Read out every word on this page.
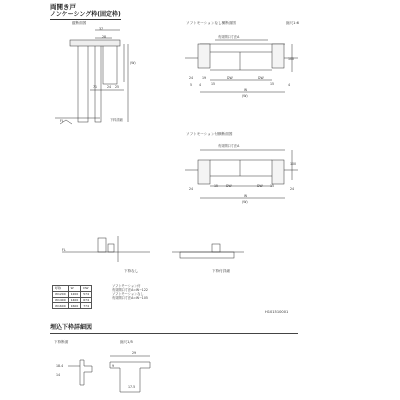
両開き戸
ノンケーシング枠(固定枠)
縦断面図	ソフトモーションなし横断面図	縮尺1:6
ソフトモーション付横断面図
下枠なし	下枠付詳細
下枠断面	縮尺1/5
H101510001
埋込下枠詳細図
37
28
71	24 25
(W)
FL	下枠詳細
有効開口寸法A
24	19	DW	DW
100
15	15
5 4	4
W
(W)
有効開口寸法A
100
24	24
15	15
DW	DW
W
(W)
FL
18.4
14
29
17.5
9
呼称	W	DW
W1200	1200	574
W1400	1400	674
W1600	1600	774
ソフトモーション付
有効開口寸法A=W−122
ソフトモーションなし
有効開口寸法A=W−105
